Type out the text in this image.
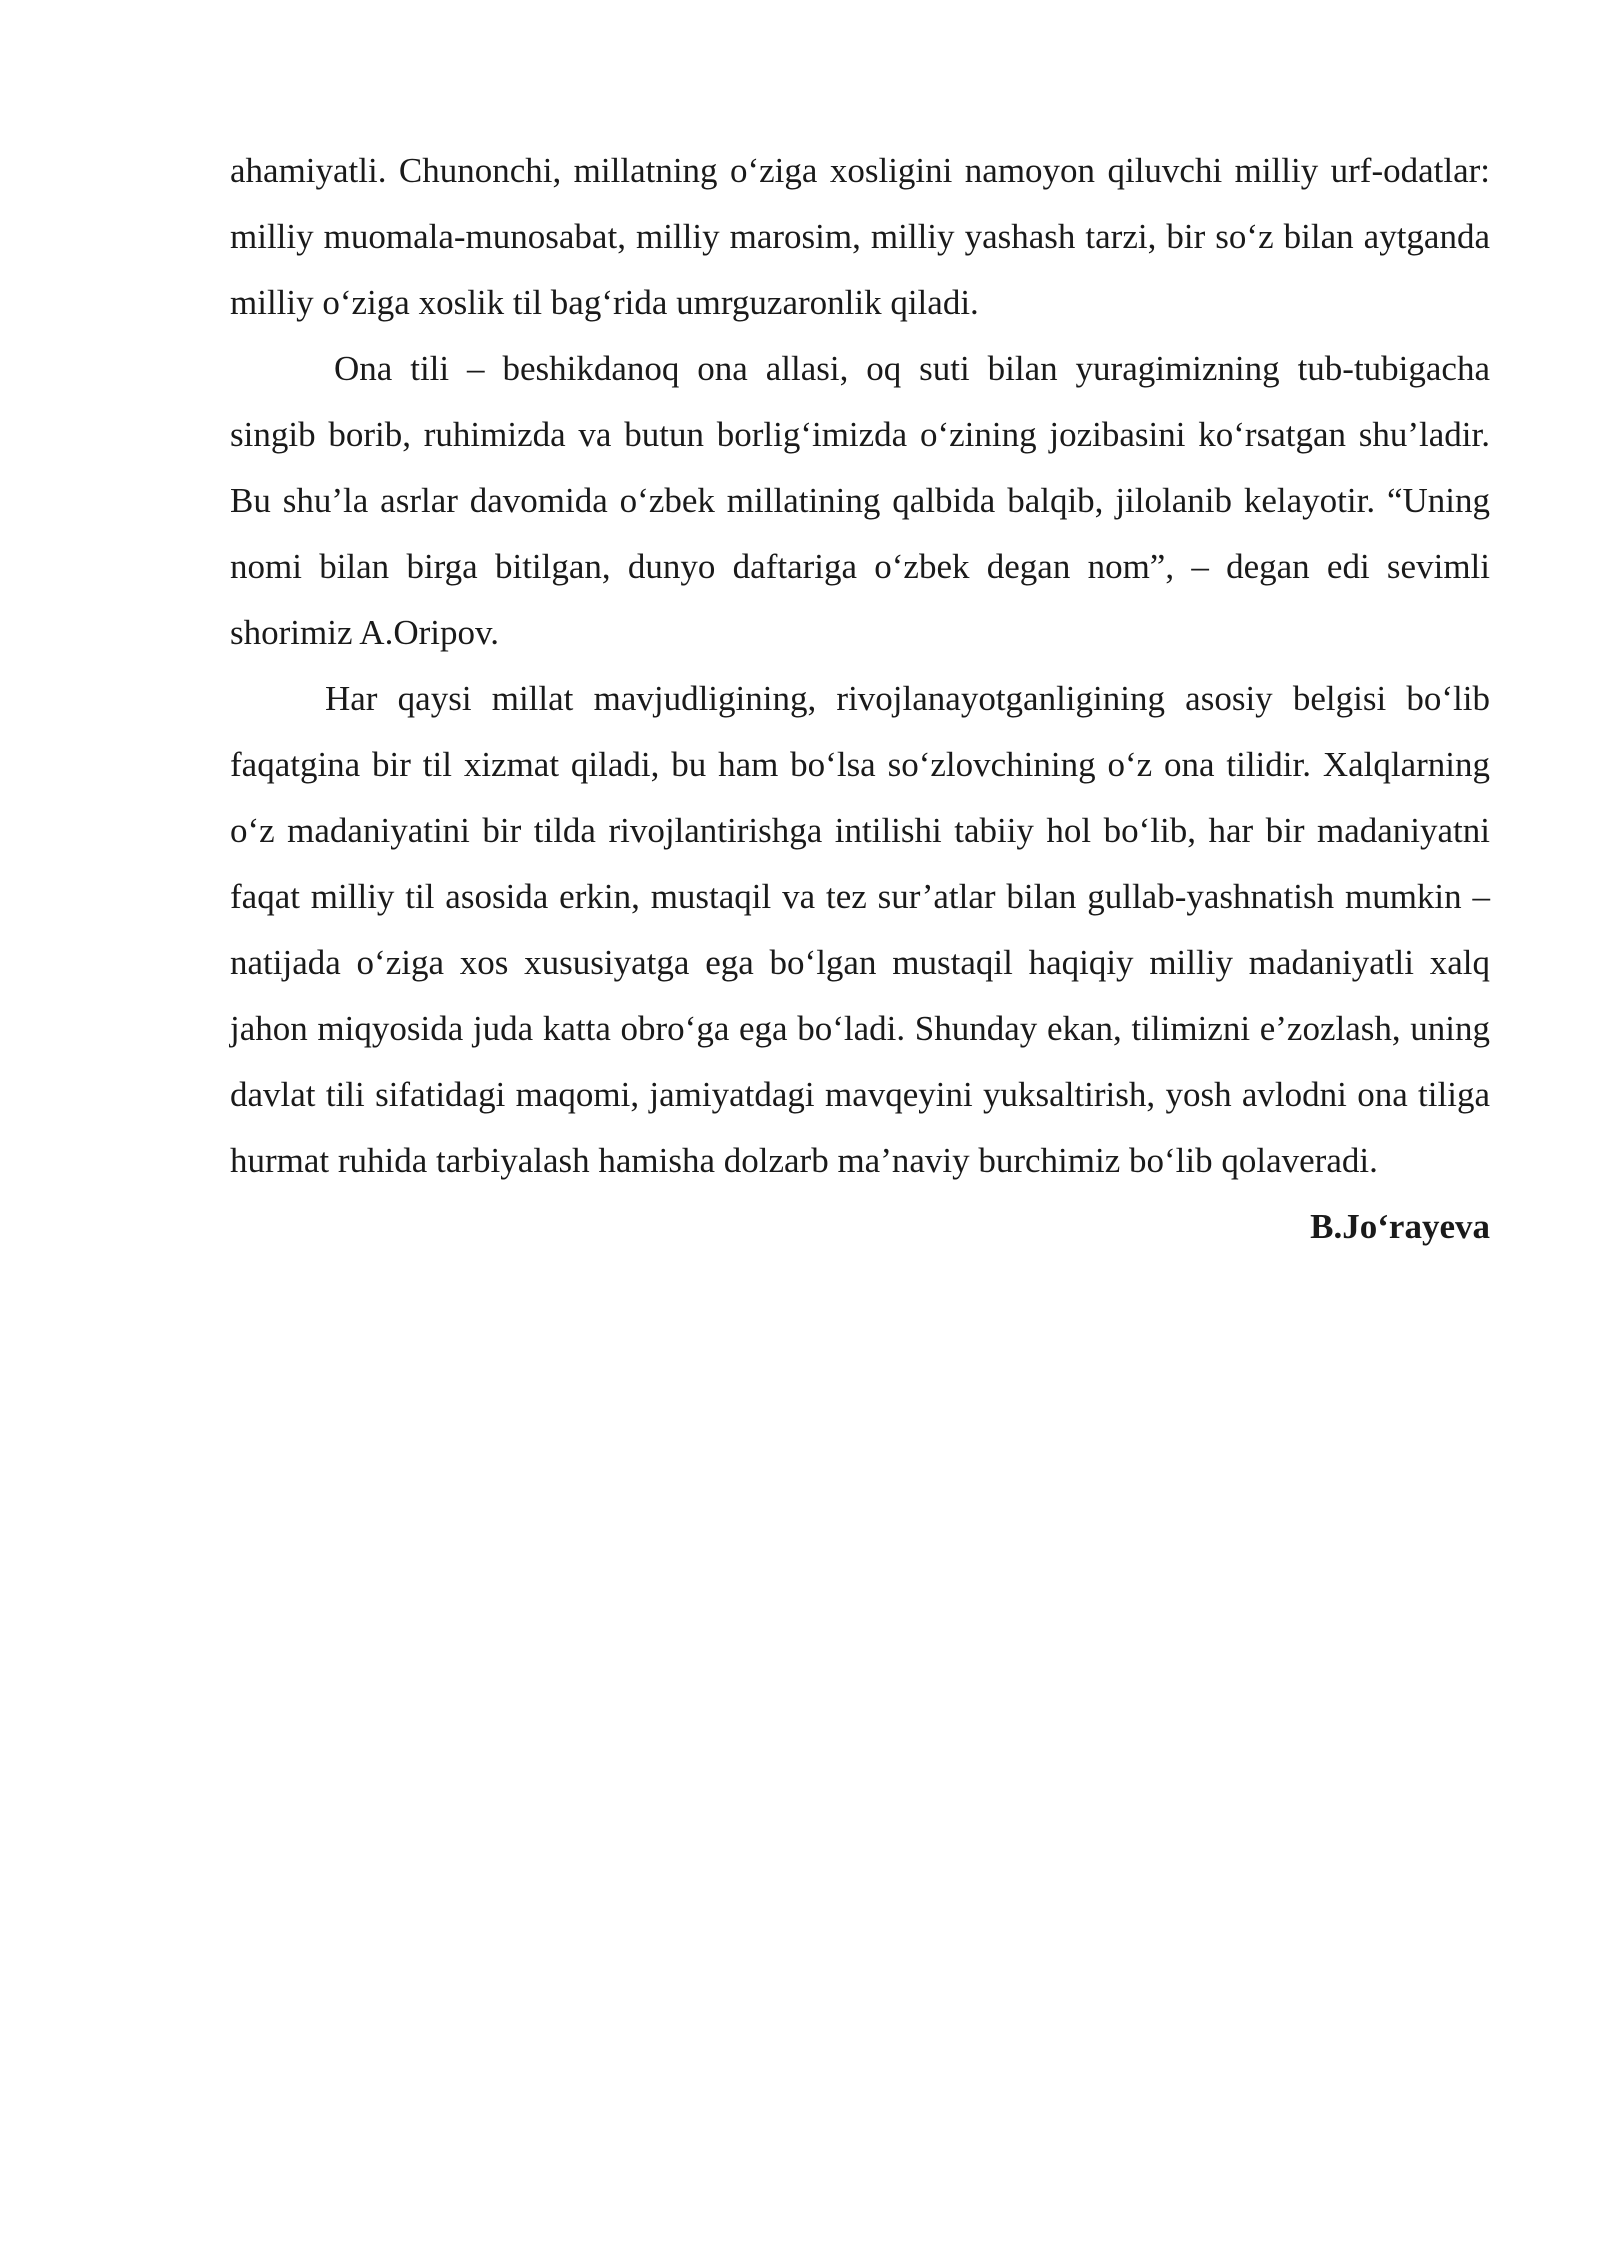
ahamiyatli. Chunonchi, millatning o‘ziga xosligini namoyon qiluvchi milliy urf-odatlar: milliy muomala-munosabat, milliy marosim, milliy yashash tarzi, bir so‘z bilan aytganda milliy o‘ziga xoslik til bag‘rida umrguzaronlik qiladi.

Ona tili – beshikdanoq ona allasi, oq suti bilan yuragimizning tub-tubigacha singib borib, ruhimizda va butun borlig‘imizda o‘zining jozibasini ko‘rsatgan shu’ladir. Bu shu’la asrlar davomida o‘zbek millatining qalbida balqib, jilolanib kelayotir. “Uning nomi bilan birga bitilgan, dunyo daftariga o‘zbek degan nom”, – degan edi sevimli shorimiz A.Oripov.

Har qaysi millat mavjudligining, rivojlanayotganligining asosiy belgisi bo‘lib faqatgina bir til xizmat qiladi, bu ham bo‘lsa so‘zlovchining o‘z ona tilidir. Xalqlarning o‘z madaniyatini bir tilda rivojlantirishga intilishi tabiiy hol bo‘lib, har bir madaniyatni faqat milliy til asosida erkin, mustaqil va tez sur’atlar bilan gullab-yashnatish mumkin – natijada o‘ziga xos xususiyatga ega bo‘lgan mustaqil haqiqiy milliy madaniyatli xalq jahon miqyosida juda katta obro‘ga ega bo‘ladi. Shunday ekan, tilimizni e’zozlash, uning davlat tili sifatidagi maqomi, jamiyatdagi mavqeyini yuksaltirish, yosh avlodni ona tiliga hurmat ruhida tarbiyalash hamisha dolzarb ma’naviy burchimiz bo‘lib qolaveradi.

B.Jo‘rayeva
